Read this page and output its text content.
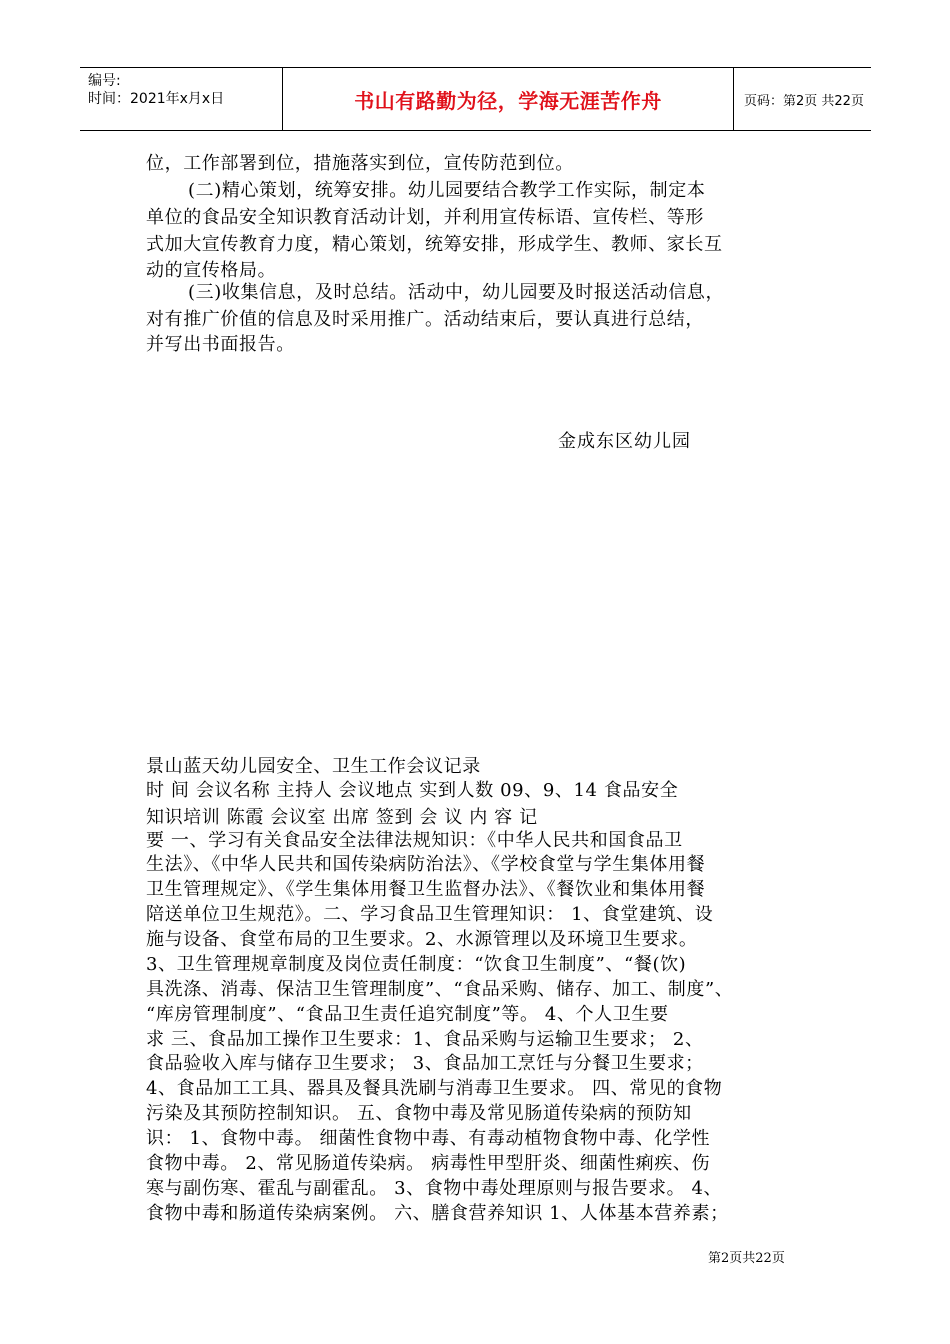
编号:
时间：2021年x月x日	书山有路勤为径，学海无涯苦作舟	页码：第2页 共22页
位，工作部署到位，措施落实到位，宣传防范到位。
(二)精心策划，统筹安排。幼儿园要结合教学工作实际，制定本
单位的食品安全知识教育活动计划，并利用宣传标语、宣传栏、等形
式加大宣传教育力度，精心策划，统筹安排，形成学生、教师、家长互
动的宣传格局。
(三)收集信息，及时总结。活动中，幼儿园要及时报送活动信息，
对有推广价值的信息及时采用推广。活动结束后，要认真进行总结，
并写出书面报告。
金成东区幼儿园
景山蓝天幼儿园安全、卫生工作会议记录
时 间 会议名称 主持人 会议地点 实到人数 09、9、14 食品安全
知识培训 陈霞 会议室 出席 签到 会 议 内 容 记
要 一、学习有关食品安全法律法规知识：《中华人民共和国食品卫
生法》、《中华人民共和国传染病防治法》、《学校食堂与学生集体用餐
卫生管理规定》、《学生集体用餐卫生监督办法》、《餐饮业和集体用餐
陪送单位卫生规范》。二、学习食品卫生管理知识： 1、食堂建筑、设
施与设备、食堂布局的卫生要求。2、水源管理以及环境卫生要求。
3、卫生管理规章制度及岗位责任制度：“饮食卫生制度”、“餐(饮)
具洗涤、消毒、保洁卫生管理制度”、“食品采购、储存、加工、制度”、
“库房管理制度”、“食品卫生责任追究制度”等。 4、个人卫生要
求 三、食品加工操作卫生要求：1、食品采购与运输卫生要求； 2、
食品验收入库与储存卫生要求； 3、食品加工烹饪与分餐卫生要求；
4、食品加工工具、器具及餐具洗刷与消毒卫生要求。 四、常见的食物
污染及其预防控制知识。 五、食物中毒及常见肠道传染病的预防知
识： 1、食物中毒。 细菌性食物中毒、有毒动植物食物中毒、化学性
食物中毒。 2、常见肠道传染病。 病毒性甲型肝炎、细菌性痢疾、伤
寒与副伤寒、霍乱与副霍乱。 3、食物中毒处理原则与报告要求。 4、
食物中毒和肠道传染病案例。 六、膳食营养知识 1、人体基本营养素；
第2页共22页
